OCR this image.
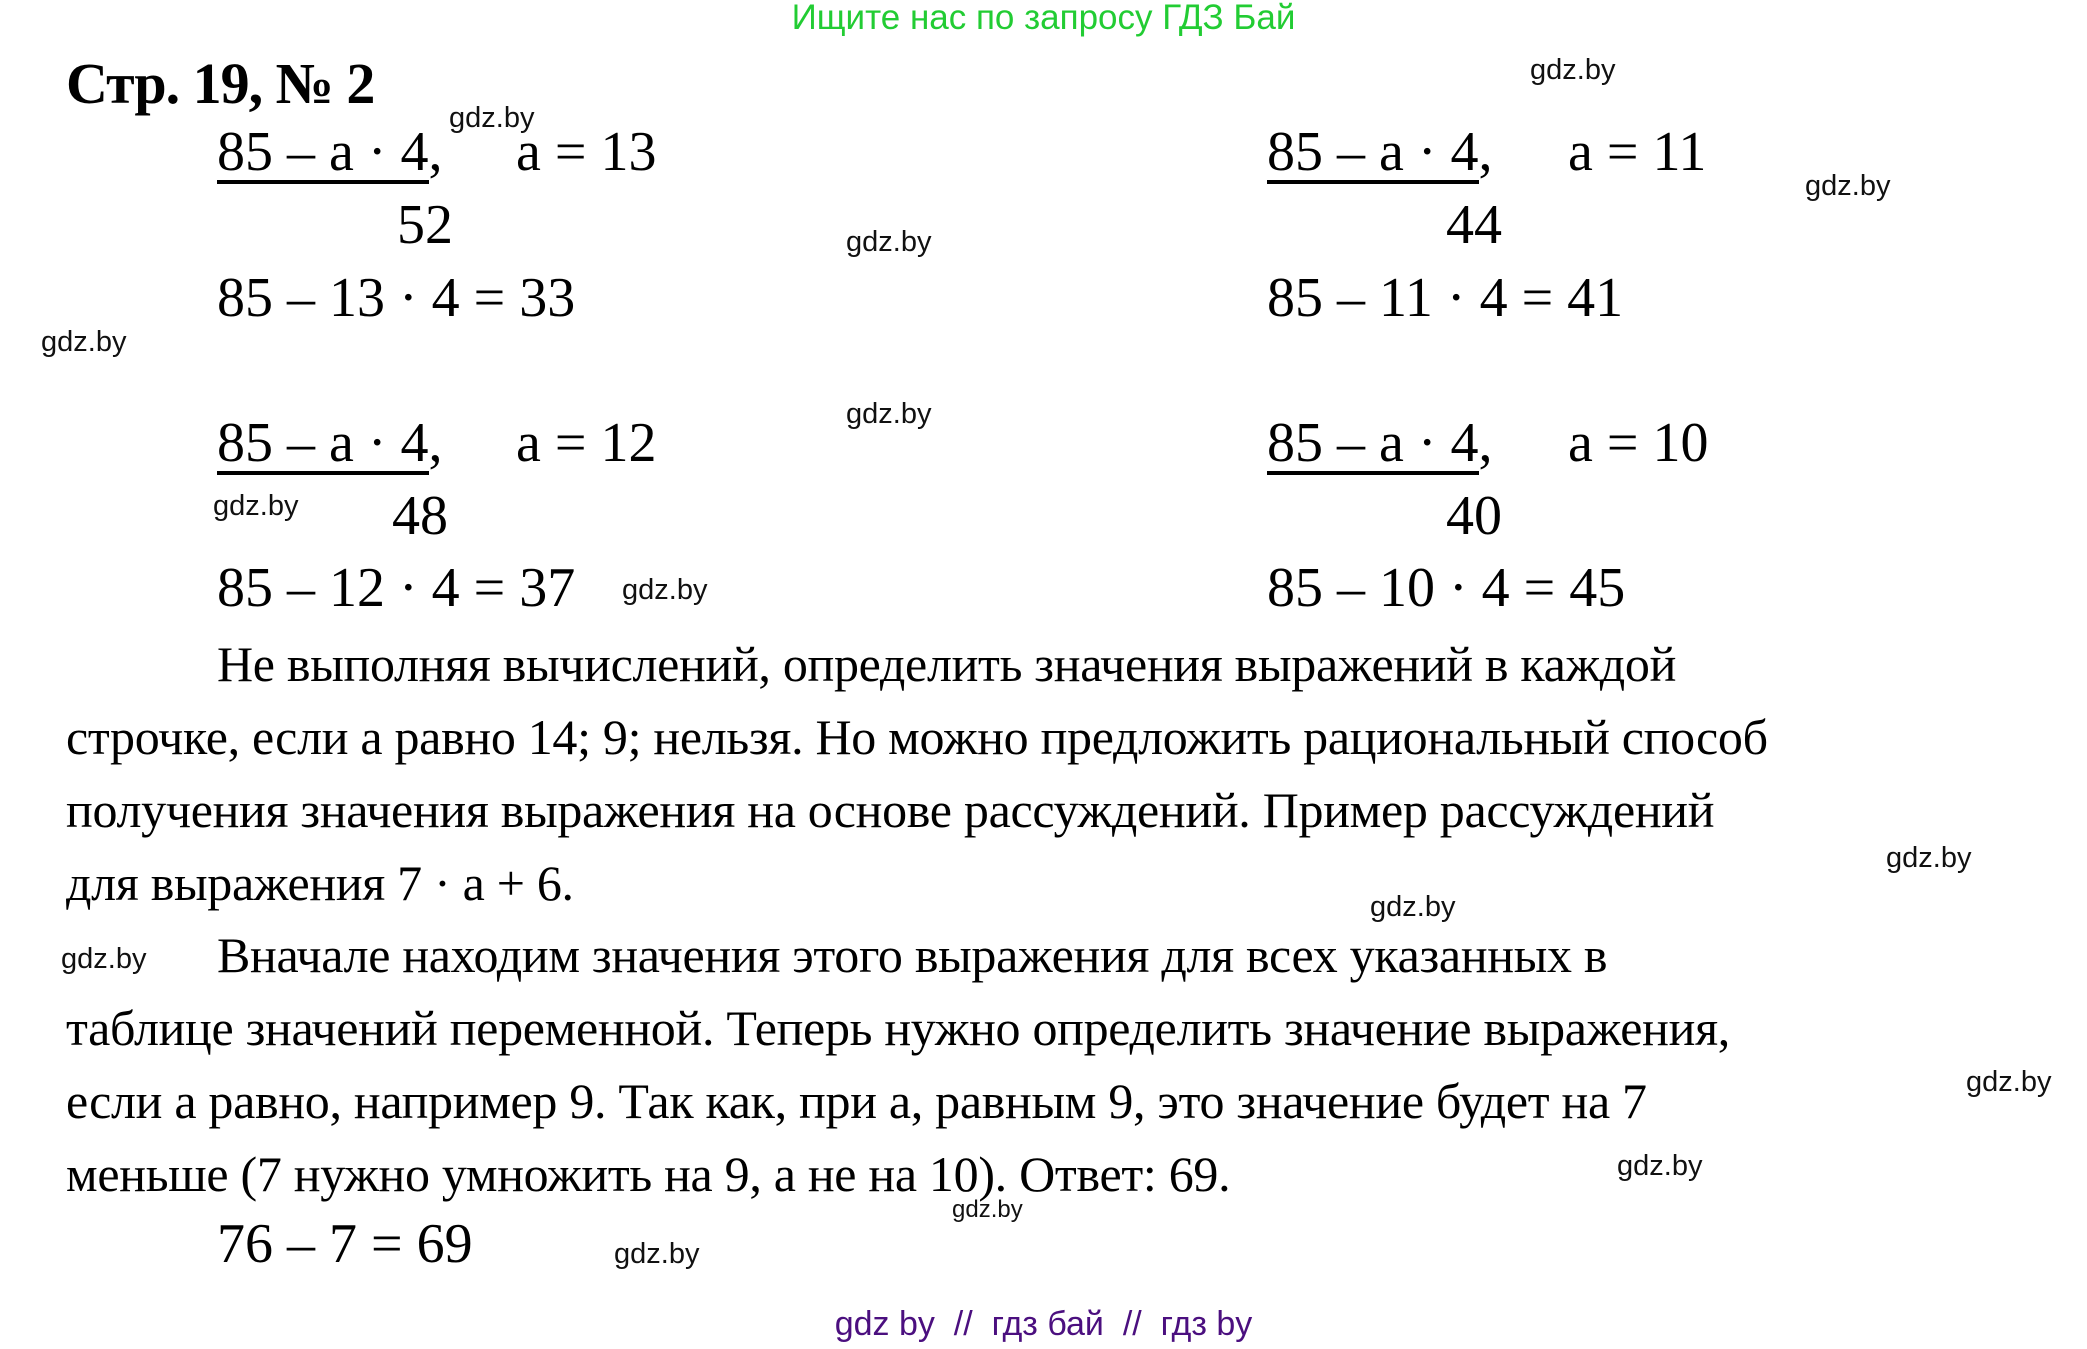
Ищите нас по запросу ГДЗ Бай
Стр. 19, № 2
85 – a · 4, a = 13
52
85 – 13 · 4 = 33
85 – a · 4, a = 11
44
85 – 11 · 4 = 41
85 – a · 4, a = 12
48
85 – 12 · 4 = 37
85 – a · 4, a = 10
40
85 – 10 · 4 = 45
Не выполняя вычислений, определить значения выражений в каждой
строчке, если a равно 14; 9; нельзя. Но можно предложить рациональный способ
получения значения выражения на основе рассуждений. Пример рассуждений
для выражения 7 · a + 6.
Вначале находим значения этого выражения для всех указанных в
таблице значений переменной. Теперь нужно определить значение выражения,
если a равно, например 9. Так как, при a, равным 9, это значение будет на 7
меньше (7 нужно умножить на 9, а не на 10). Ответ: 69.
76 – 7 = 69
gdz.by
gdz.by
gdz.by
gdz.by
gdz.by
gdz.by
gdz.by
gdz.by
gdz.by
gdz.by
gdz.by
gdz.by
gdz.by
gdz.by
gdz.by
gdz by  //  гдз бай  //  гдз by
